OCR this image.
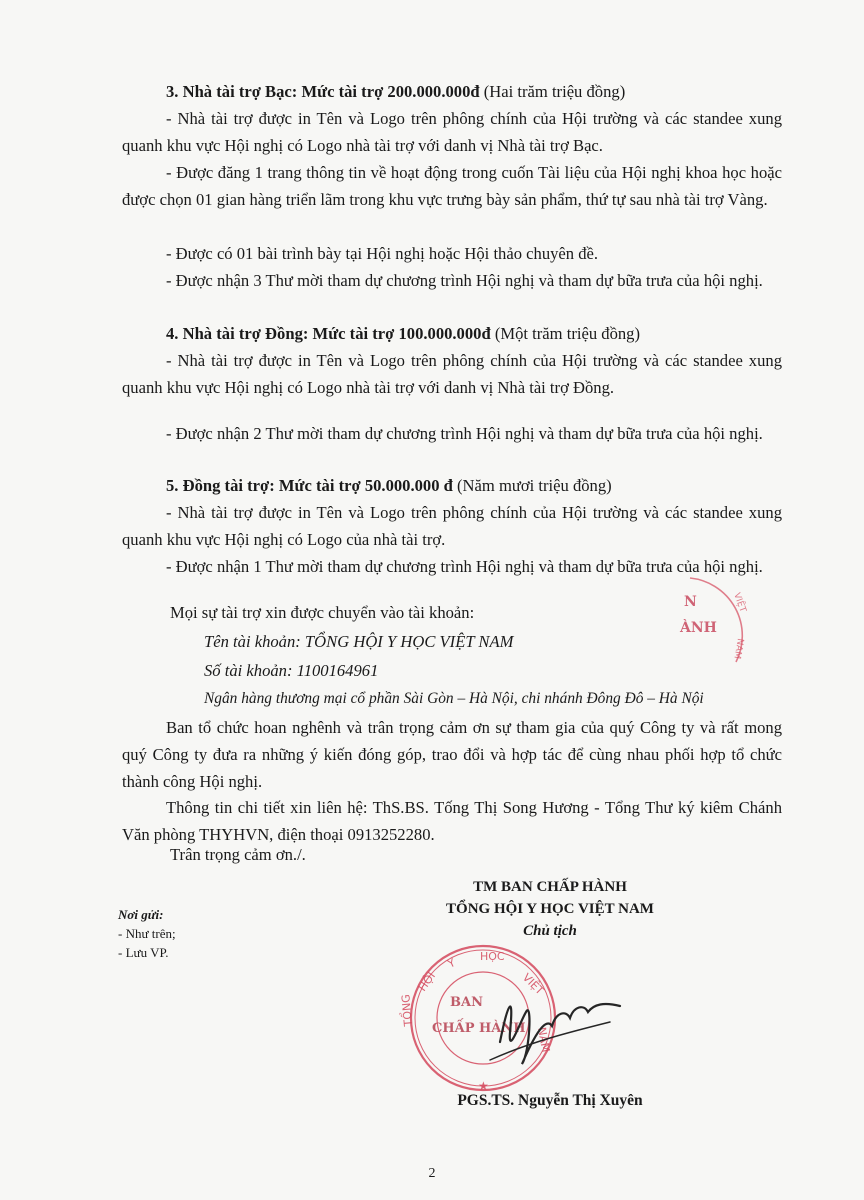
3. Nhà tài trợ Bạc: Mức tài trợ 200.000.000đ (Hai trăm triệu đồng)

- Nhà tài trợ được in Tên và Logo trên phông chính của Hội trường và các standee xung quanh khu vực Hội nghị có Logo nhà tài trợ với danh vị Nhà tài trợ Bạc.

- Được đăng 1 trang thông tin về hoạt động trong cuốn Tài liệu của Hội nghị khoa học hoặc được chọn 01 gian hàng triển lãm trong khu vực trưng bày sản phẩm, thứ tự sau nhà tài trợ Vàng.

- Được có 01 bài trình bày tại Hội nghị hoặc Hội thảo chuyên đề.

- Được nhận 3 Thư mời tham dự chương trình Hội nghị và tham dự bữa trưa của hội nghị.

4. Nhà tài trợ Đồng: Mức tài trợ 100.000.000đ (Một trăm triệu đồng)

- Nhà tài trợ được in Tên và Logo trên phông chính của Hội trường và các standee xung quanh khu vực Hội nghị có Logo nhà tài trợ với danh vị Nhà tài trợ Đồng.

- Được nhận 2 Thư mời tham dự chương trình Hội nghị và tham dự bữa trưa của hội nghị.

5. Đồng tài trợ: Mức tài trợ 50.000.000 đ (Năm mươi triệu đồng)

- Nhà tài trợ được in Tên và Logo trên phông chính của Hội trường và các standee xung quanh khu vực Hội nghị có Logo của nhà tài trợ.

- Được nhận 1 Thư mời tham dự chương trình Hội nghị và tham dự bữa trưa của hội nghị.

Mọi sự tài trợ xin được chuyển vào tài khoản:
Tên tài khoản: TỔNG HỘI Y HỌC VIỆT NAM
Số tài khoản: 1100164961
Ngân hàng thương mại cổ phần Sài Gòn – Hà Nội, chi nhánh Đông Đô – Hà Nội

Ban tổ chức hoan nghênh và trân trọng cảm ơn sự tham gia của quý Công ty và rất mong quý Công ty đưa ra những ý kiến đóng góp, trao đổi và hợp tác để cùng nhau phối hợp tổ chức thành công Hội nghị.

Thông tin chi tiết xin liên hệ: ThS.BS. Tống Thị Song Hương - Tổng Thư ký kiêm Chánh Văn phòng THYHVN, điện thoại 0913252280.

Trân trọng cảm ơn./.
TM BAN CHẤP HÀNH
TỔNG HỘI Y HỌC VIỆT NAM
Chủ tịch
Nơi gửi:
- Như trên;
- Lưu VP.
HỘI
Y HỌC
VIỆT
NAM
TỔNG
★
BAN
CHẤP HÀNH
N
ÀNH
VIỆT
NAM
PGS.TS. Nguyễn Thị Xuyên
2
